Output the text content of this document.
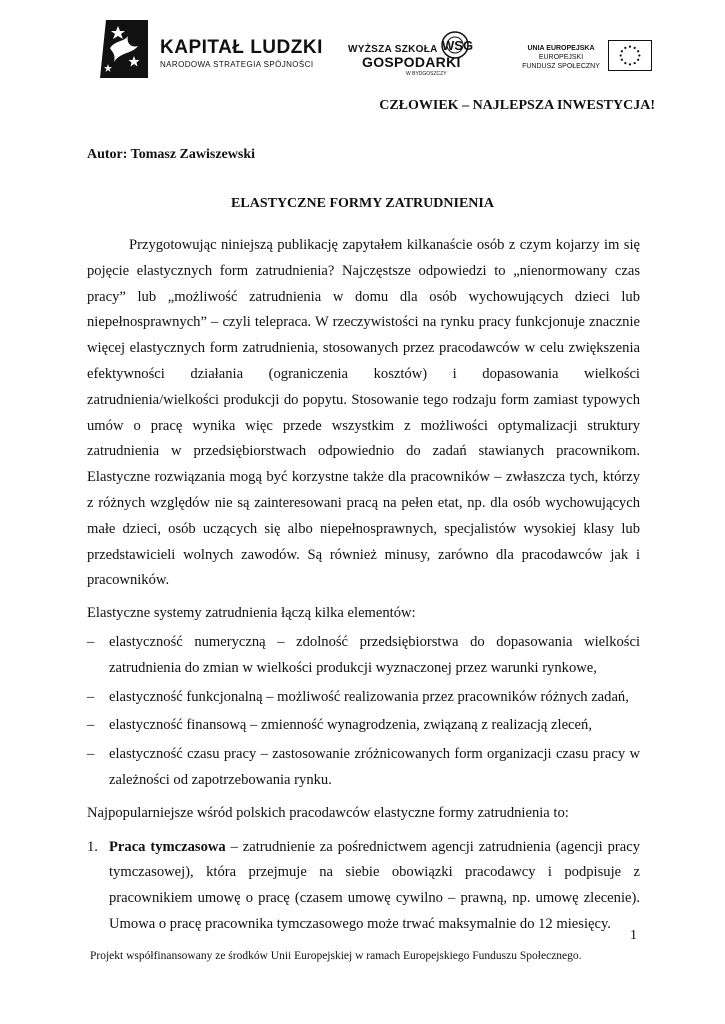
KAPITAŁ LUDZKI
NARODOWA STRATEGIA SPÓJNOŚCI
WSG
WYŻSZA SZKOŁA
GOSPODARKI
W BYDGOSZCZY
UNIA EUROPEJSKA
EUROPEJSKI
FUNDUSZ SPOŁECZNY
CZŁOWIEK – NAJLEPSZA INWESTYCJA!
Autor: Tomasz Zawiszewski
ELASTYCZNE FORMY ZATRUDNIENIA

Przygotowując niniejszą publikację zapytałem kilkanaście osób z czym kojarzy im się pojęcie elastycznych form zatrudnienia? Najczęstsze odpowiedzi to „nienormowany czas pracy” lub „możliwość zatrudnienia w domu dla osób wychowujących dzieci lub niepełnosprawnych” – czyli telepraca. W rzeczywistości na rynku pracy funkcjonuje znacznie więcej elastycznych form zatrudnienia, stosowanych przez pracodawców w celu zwiększenia efektywności działania (ograniczenia kosztów) i dopasowania wielkości zatrudnienia/wielkości produkcji do popytu. Stosowanie tego rodzaju form zamiast typowych umów o pracę wynika więc przede wszystkim z możliwości optymalizacji struktury zatrudnienia w przedsiębiorstwach odpowiednio do zadań stawianych pracownikom. Elastyczne rozwiązania mogą być korzystne także dla pracowników – zwłaszcza tych, którzy z różnych względów nie są zainteresowani pracą na pełen etat, np. dla osób wychowujących małe dzieci, osób uczących się albo niepełnosprawnych, specjalistów wysokiej klasy lub przedstawicieli wolnych zawodów. Są również minusy, zarówno dla pracodawców jak i pracowników.

Elastyczne systemy zatrudnienia łączą kilka elementów:

– elastyczność numeryczną – zdolność przedsiębiorstwa do dopasowania wielkości zatrudnienia do zmian w wielkości produkcji wyznaczonej przez warunki rynkowe,
– elastyczność funkcjonalną – możliwość realizowania przez pracowników różnych zadań,
– elastyczność finansową – zmienność wynagrodzenia, związaną z realizacją zleceń,
– elastyczność czasu pracy – zastosowanie zróżnicowanych form organizacji czasu pracy w zależności od zapotrzebowania rynku.

Najpopularniejsze wśród polskich pracodawców elastyczne formy zatrudnienia to:

1. Praca tymczasowa – zatrudnienie za pośrednictwem agencji zatrudnienia (agencji pracy tymczasowej), która przejmuje na siebie obowiązki pracodawcy i podpisuje z pracownikiem umowę o pracę (czasem umowę cywilno – prawną, np. umowę zlecenie). Umowa o pracę pracownika tymczasowego może trwać maksymalnie do 12 miesięcy.
1
Projekt współfinansowany ze środków Unii Europejskiej w ramach Europejskiego Funduszu Społecznego.
